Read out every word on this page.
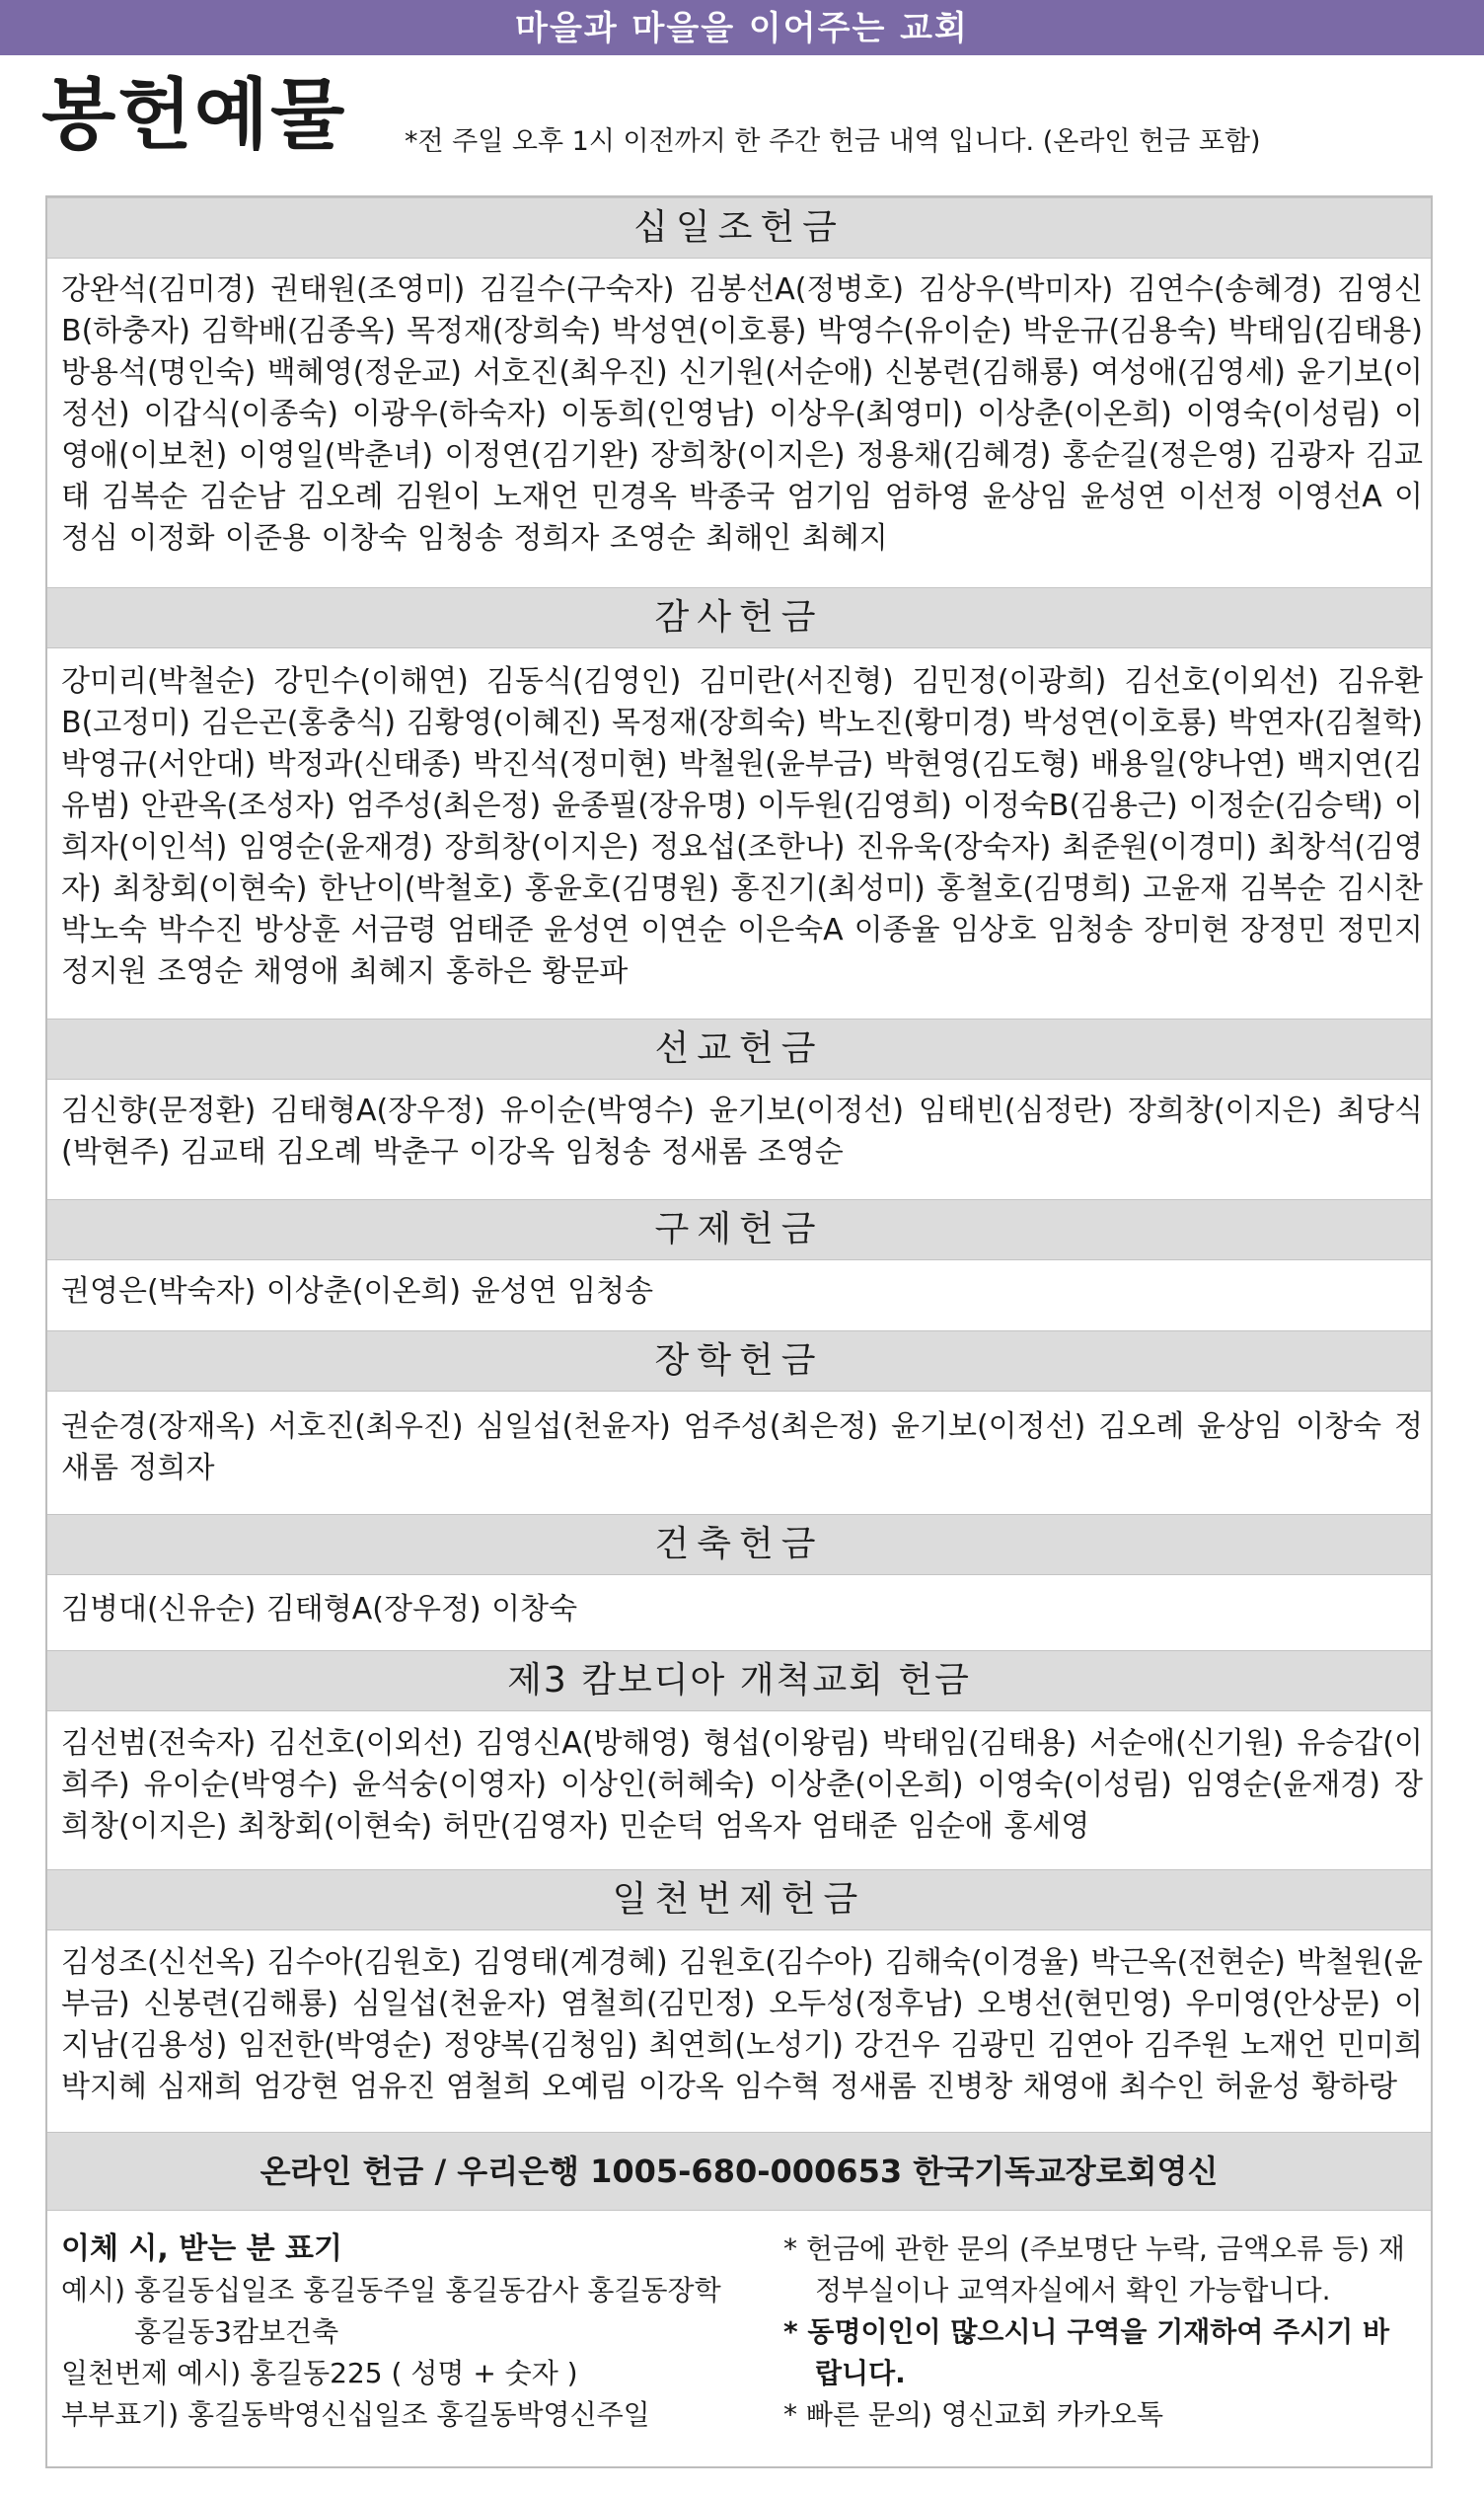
마을과 마을을 이어주는 교회
봉헌예물 *전 주일 오후 1시 이전까지 한 주간 헌금 내역 입니다. (온라인 헌금 포함)
십일조헌금
강완석(김미경) 권태원(조영미) 김길수(구숙자) 김봉선A(정병호) 김상우(박미자) 김연수(송혜경) 김영신B(하충자) 김학배(김종옥) 목정재(장희숙) 박성연(이호룡) 박영수(유이순) 박운규(김용숙) 박태임(김태용) 방용석(명인숙) 백혜영(정운교) 서호진(최우진) 신기원(서순애) 신봉련(김해룡) 여성애(김영세) 윤기보(이정선) 이갑식(이종숙) 이광우(하숙자) 이동희(인영남) 이상우(최영미) 이상춘(이온희) 이영숙(이성림) 이영애(이보천) 이영일(박춘녀) 이정연(김기완) 장희창(이지은) 정용채(김혜경) 홍순길(정은영) 김광자 김교태 김복순 김순남 김오례 김원이 노재언 민경옥 박종국 엄기임 엄하영 윤상임 윤성연 이선정 이영선A 이정심 이정화 이준용 이창숙 임청송 정희자 조영순 최해인 최혜지
감사헌금
강미리(박철순) 강민수(이해연) 김동식(김영인) 김미란(서진형) 김민정(이광희) 김선호(이외선) 김유환B(고정미) 김은곤(홍충식) 김황영(이혜진) 목정재(장희숙) 박노진(황미경) 박성연(이호룡) 박연자(김철학) 박영규(서안대) 박정과(신태종) 박진석(정미현) 박철원(윤부금) 박현영(김도형) 배용일(양나연) 백지연(김유범) 안관옥(조성자) 엄주성(최은정) 윤종필(장유명) 이두원(김영희) 이정숙B(김용근) 이정순(김승택) 이희자(이인석) 임영순(윤재경) 장희창(이지은) 정요섭(조한나) 진유욱(장숙자) 최준원(이경미) 최창석(김영자) 최창회(이현숙) 한난이(박철호) 홍윤호(김명원) 홍진기(최성미) 홍철호(김명희) 고윤재 김복순 김시찬 박노숙 박수진 방상훈 서금령 엄태준 윤성연 이연순 이은숙A 이종율 임상호 임청송 장미현 장정민 정민지 정지원 조영순 채영애 최혜지 홍하은 황문파
선교헌금
김신향(문정환) 김태형A(장우정) 유이순(박영수) 윤기보(이정선) 임태빈(심정란) 장희창(이지은) 최당식(박현주) 김교태 김오례 박춘구 이강옥 임청송 정새롬 조영순
구제헌금
권영은(박숙자) 이상춘(이온희) 윤성연 임청송
장학헌금
권순경(장재옥) 서호진(최우진) 심일섭(천윤자) 엄주성(최은정) 윤기보(이정선) 김오례 윤상임 이창숙 정새롬 정희자
건축헌금
김병대(신유순) 김태형A(장우정) 이창숙
제3 캄보디아 개척교회 헌금
김선범(전숙자) 김선호(이외선) 김영신A(방해영) 형섭(이왕림) 박태임(김태용) 서순애(신기원) 유승갑(이희주) 유이순(박영수) 윤석숭(이영자) 이상인(허혜숙) 이상춘(이온희) 이영숙(이성림) 임영순(윤재경) 장희창(이지은) 최창회(이현숙) 허만(김영자) 민순덕 엄옥자 엄태준 임순애 홍세영
일천번제헌금
김성조(신선옥) 김수아(김원호) 김영태(계경혜) 김원호(김수아) 김해숙(이경율) 박근옥(전현순) 박철원(윤부금) 신봉련(김해룡) 심일섭(천윤자) 염철희(김민정) 오두성(정후남) 오병선(현민영) 우미영(안상문) 이지남(김용성) 임전한(박영순) 정양복(김청임) 최연희(노성기) 강건우 김광민 김연아 김주원 노재언 민미희 박지혜 심재희 엄강현 엄유진 염철희 오예림 이강옥 임수혁 정새롬 진병창 채영애 최수인 허윤성 황하랑
온라인 헌금 / 우리은행 1005-680-000653 한국기독교장로회영신
이체 시, 받는 분 표기
예시) 홍길동십일조 홍길동주일 홍길동감사 홍길동장학
홍길동3캄보건축
일천번제 예시) 홍길동225 ( 성명 + 숫자 )
부부표기) 홍길동박영신십일조 홍길동박영신주일
* 헌금에 관한 문의 (주보명단 누락, 금액오류 등) 재정부실이나 교역자실에서 확인 가능합니다.
* 동명이인이 많으시니 구역을 기재하여 주시기 바랍니다.
* 빠른 문의) 영신교회 카카오톡
